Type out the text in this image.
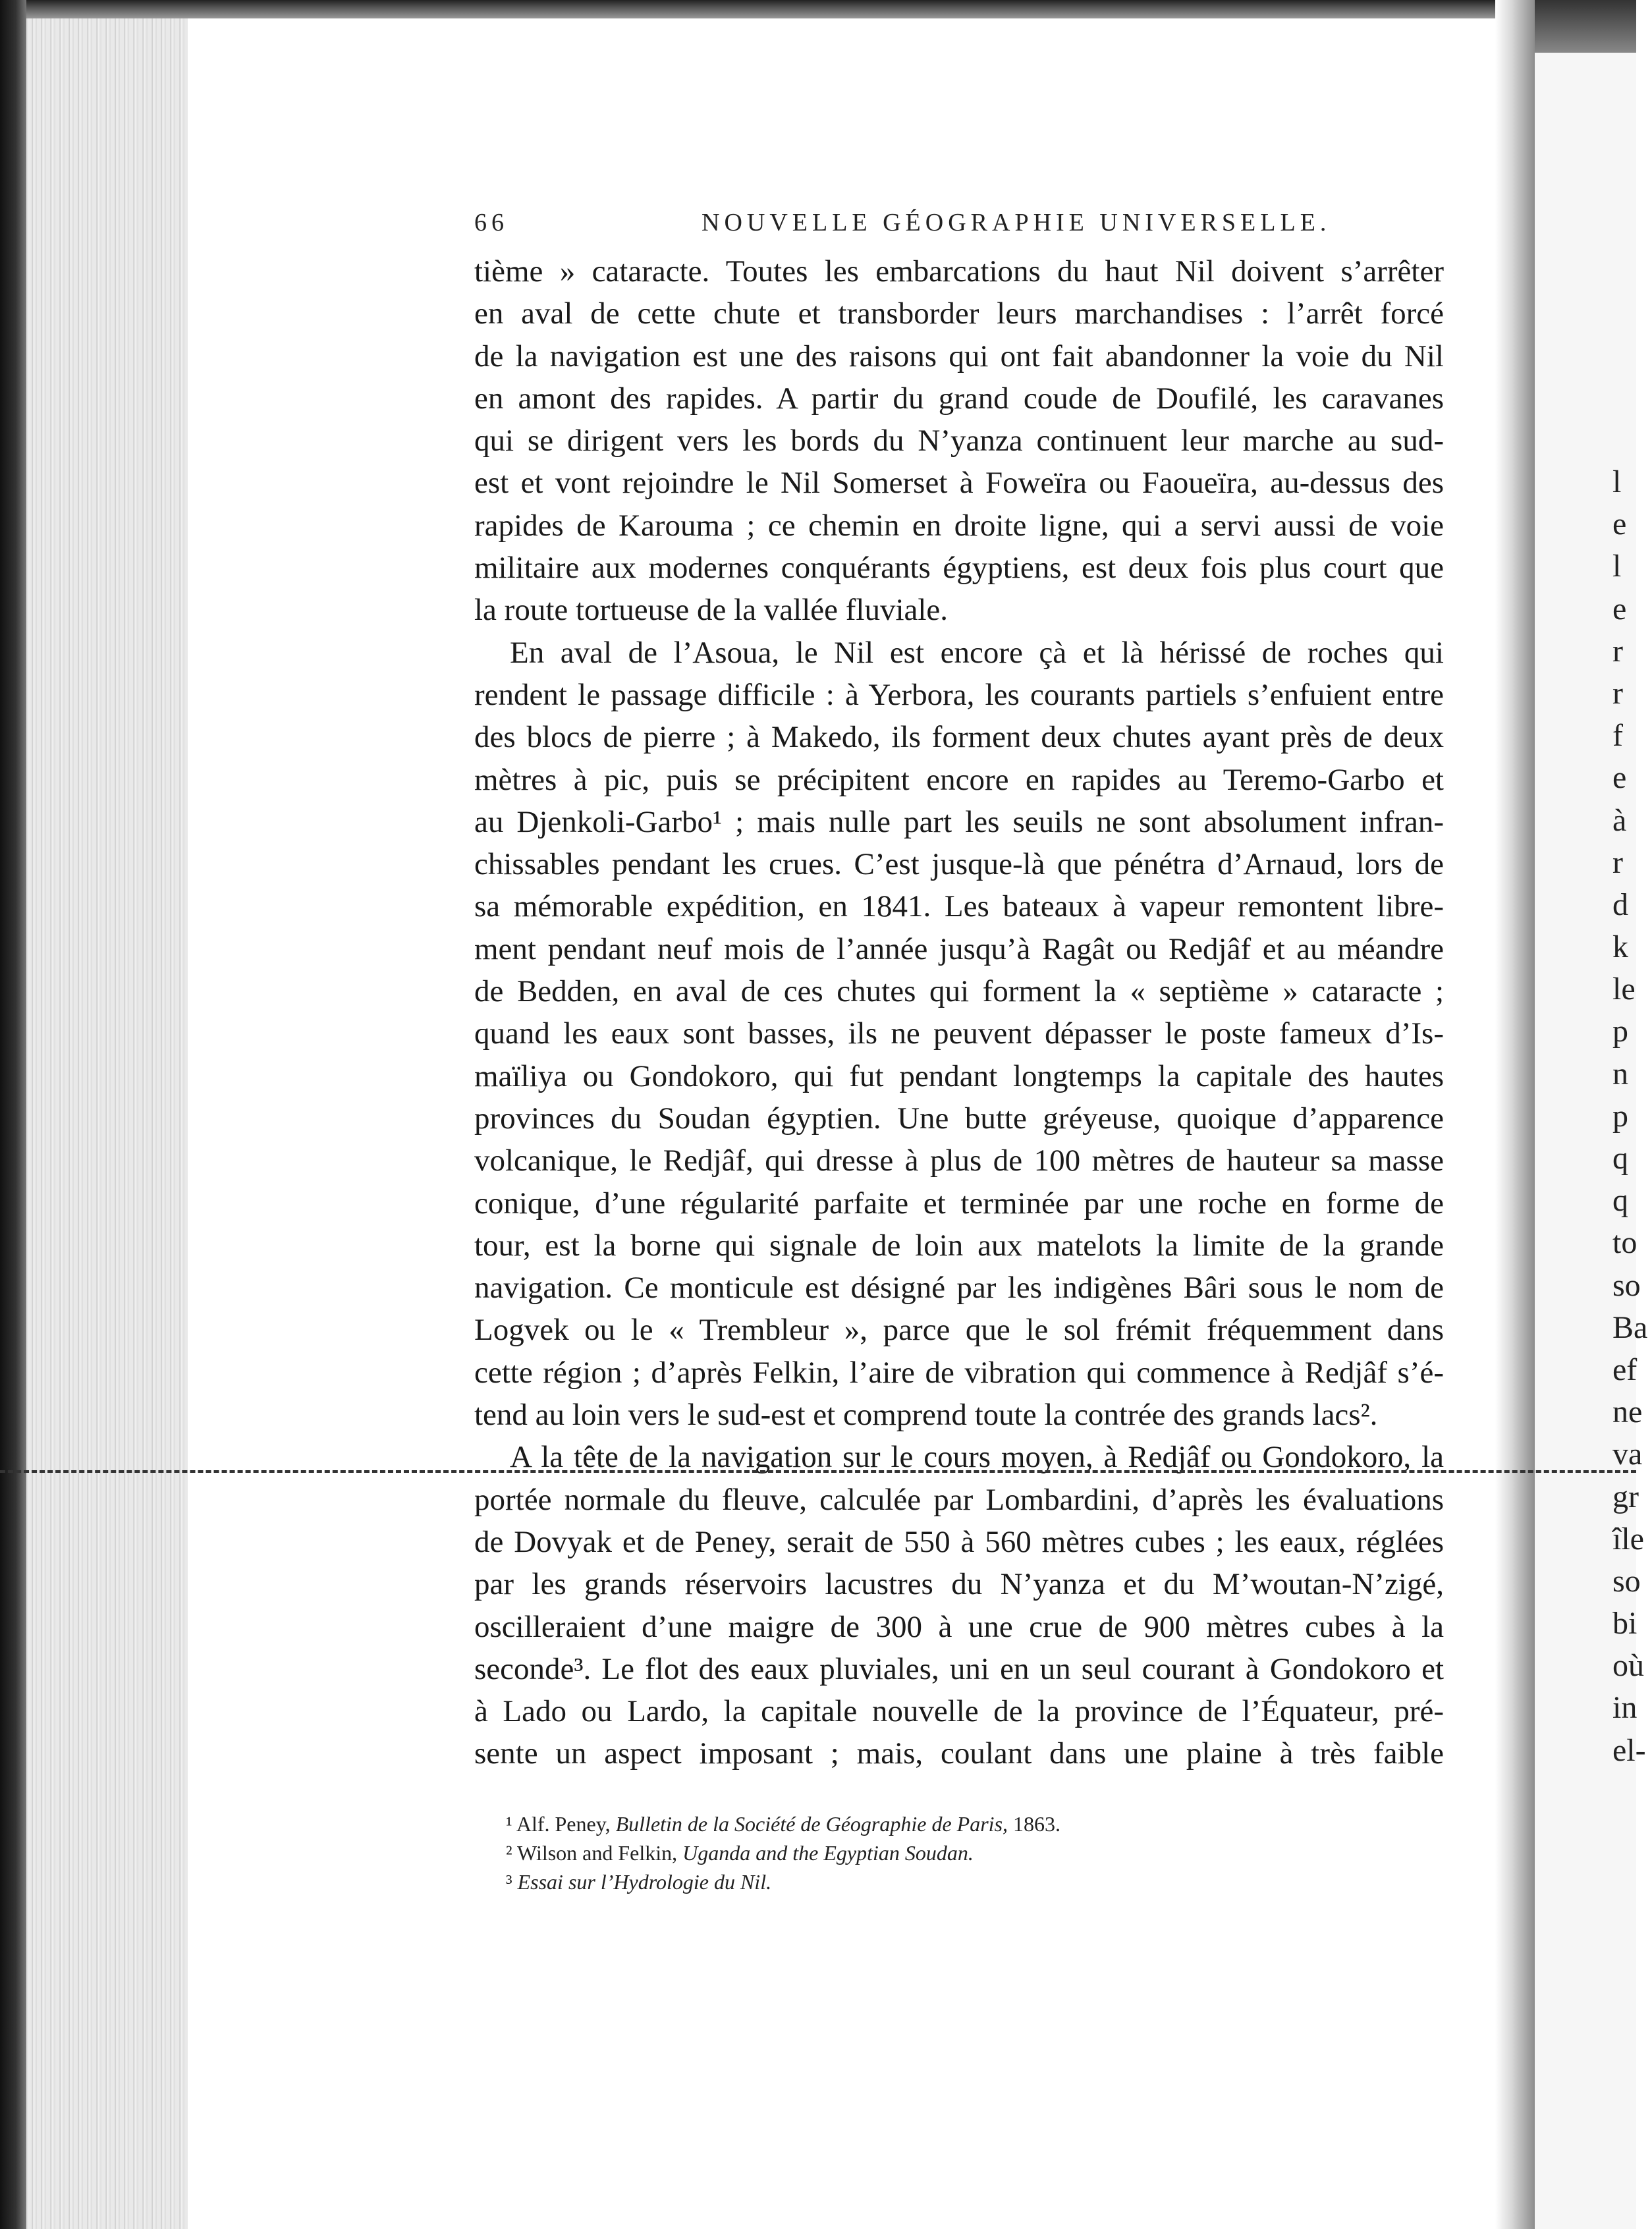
l
e
l
e
r
r
f
e
à
r
d
k
le
p
n
p
q
q
to
so
Ba
ef
ne
va
gr
île
so
bi
où
in
el-
66	NOUVELLE GÉOGRAPHIE UNIVERSELLE.
tième » cataracte. Toutes les embarcations du haut Nil doivent s’arrêter
en aval de cette chute et transborder leurs marchandises : l’arrêt forcé
de la navigation est une des raisons qui ont fait abandonner la voie du Nil
en amont des rapides. A partir du grand coude de Doufilé, les caravanes
qui se dirigent vers les bords du N’yanza continuent leur marche au sud-
est et vont rejoindre le Nil Somerset à Foweïra ou Faoueïra, au-dessus des
rapides de Karouma ; ce chemin en droite ligne, qui a servi aussi de voie
militaire aux modernes conquérants égyptiens, est deux fois plus court que
la route tortueuse de la vallée fluviale.
En aval de l’Asoua, le Nil est encore çà et là hérissé de roches qui
rendent le passage difficile : à Yerbora, les courants partiels s’enfuient entre
des blocs de pierre ; à Makedo, ils forment deux chutes ayant près de deux
mètres à pic, puis se précipitent encore en rapides au Teremo-Garbo et
au Djenkoli-Garbo¹ ; mais nulle part les seuils ne sont absolument infran-
chissables pendant les crues. C’est jusque-là que pénétra d’Arnaud, lors de
sa mémorable expédition, en 1841. Les bateaux à vapeur remontent libre-
ment pendant neuf mois de l’année jusqu’à Ragât ou Redjâf et au méandre
de Bedden, en aval de ces chutes qui forment la « septième » cataracte ;
quand les eaux sont basses, ils ne peuvent dépasser le poste fameux d’Is-
maïliya ou Gondokoro, qui fut pendant longtemps la capitale des hautes
provinces du Soudan égyptien. Une butte gréyeuse, quoique d’apparence
volcanique, le Redjâf, qui dresse à plus de 100 mètres de hauteur sa masse
conique, d’une régularité parfaite et terminée par une roche en forme de
tour, est la borne qui signale de loin aux matelots la limite de la grande
navigation. Ce monticule est désigné par les indigènes Bâri sous le nom de
Logvek ou le « Trembleur », parce que le sol frémit fréquemment dans
cette région ; d’après Felkin, l’aire de vibration qui commence à Redjâf s’é-
tend au loin vers le sud-est et comprend toute la contrée des grands lacs².
A la tête de la navigation sur le cours moyen, à Redjâf ou Gondokoro, la
portée normale du fleuve, calculée par Lombardini, d’après les évaluations
de Dovyak et de Peney, serait de 550 à 560 mètres cubes ; les eaux, réglées
par les grands réservoirs lacustres du N’yanza et du M’woutan-N’zigé,
oscilleraient d’une maigre de 300 à une crue de 900 mètres cubes à la
seconde³. Le flot des eaux pluviales, uni en un seul courant à Gondokoro et
à Lado ou Lardo, la capitale nouvelle de la province de l’Équateur, pré-
sente un aspect imposant ; mais, coulant dans une plaine à très faible
¹ Alf. Peney, Bulletin de la Société de Géographie de Paris, 1863.
² Wilson and Felkin, Uganda and the Egyptian Soudan.
³ Essai sur l’Hydrologie du Nil.
